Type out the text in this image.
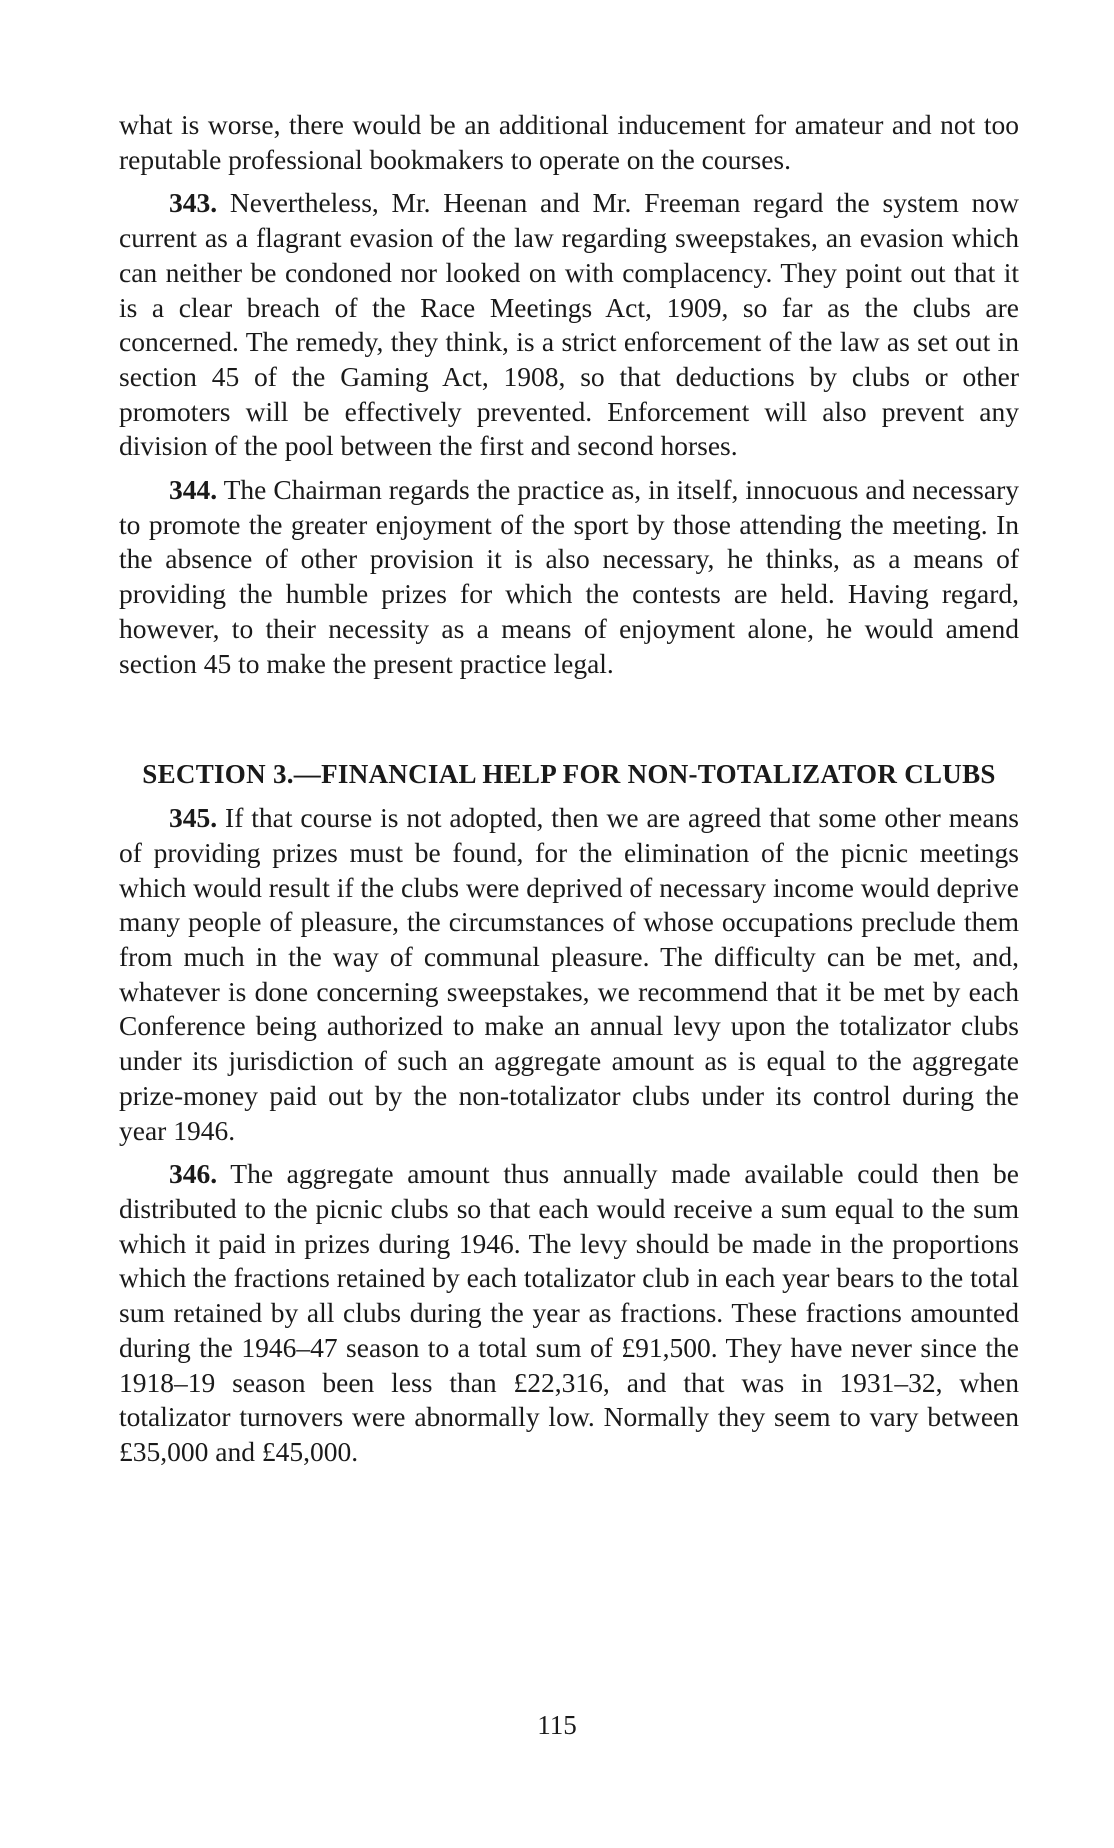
what is worse, there would be an additional inducement for amateur and not too reputable professional bookmakers to operate on the courses.

343. Nevertheless, Mr. Heenan and Mr. Freeman regard the system now current as a flagrant evasion of the law regarding sweepstakes, an evasion which can neither be condoned nor looked on with complacency. They point out that it is a clear breach of the Race Meetings Act, 1909, so far as the clubs are concerned. The remedy, they think, is a strict enforcement of the law as set out in section 45 of the Gaming Act, 1908, so that deductions by clubs or other promoters will be effectively prevented. Enforcement will also prevent any division of the pool between the first and second horses.

344. The Chairman regards the practice as, in itself, innocuous and necessary to promote the greater enjoyment of the sport by those attending the meeting. In the absence of other provision it is also necessary, he thinks, as a means of providing the humble prizes for which the contests are held. Having regard, however, to their necessity as a means of enjoyment alone, he would amend section 45 to make the present practice legal.

SECTION 3.—FINANCIAL HELP FOR NON-TOTALIZATOR CLUBS

345. If that course is not adopted, then we are agreed that some other means of providing prizes must be found, for the elimination of the picnic meetings which would result if the clubs were deprived of necessary income would deprive many people of pleasure, the circumstances of whose occupations preclude them from much in the way of communal pleasure. The difficulty can be met, and, whatever is done concerning sweepstakes, we recommend that it be met by each Conference being authorized to make an annual levy upon the totalizator clubs under its jurisdiction of such an aggregate amount as is equal to the aggregate prize-money paid out by the non-totalizator clubs under its control during the year 1946.

346. The aggregate amount thus annually made available could then be distributed to the picnic clubs so that each would receive a sum equal to the sum which it paid in prizes during 1946. The levy should be made in the proportions which the fractions retained by each totalizator club in each year bears to the total sum retained by all clubs during the year as fractions. These fractions amounted during the 1946–47 season to a total sum of £91,500. They have never since the 1918–19 season been less than £22,316, and that was in 1931–32, when totalizator turnovers were abnormally low. Normally they seem to vary between £35,000 and £45,000.

115
